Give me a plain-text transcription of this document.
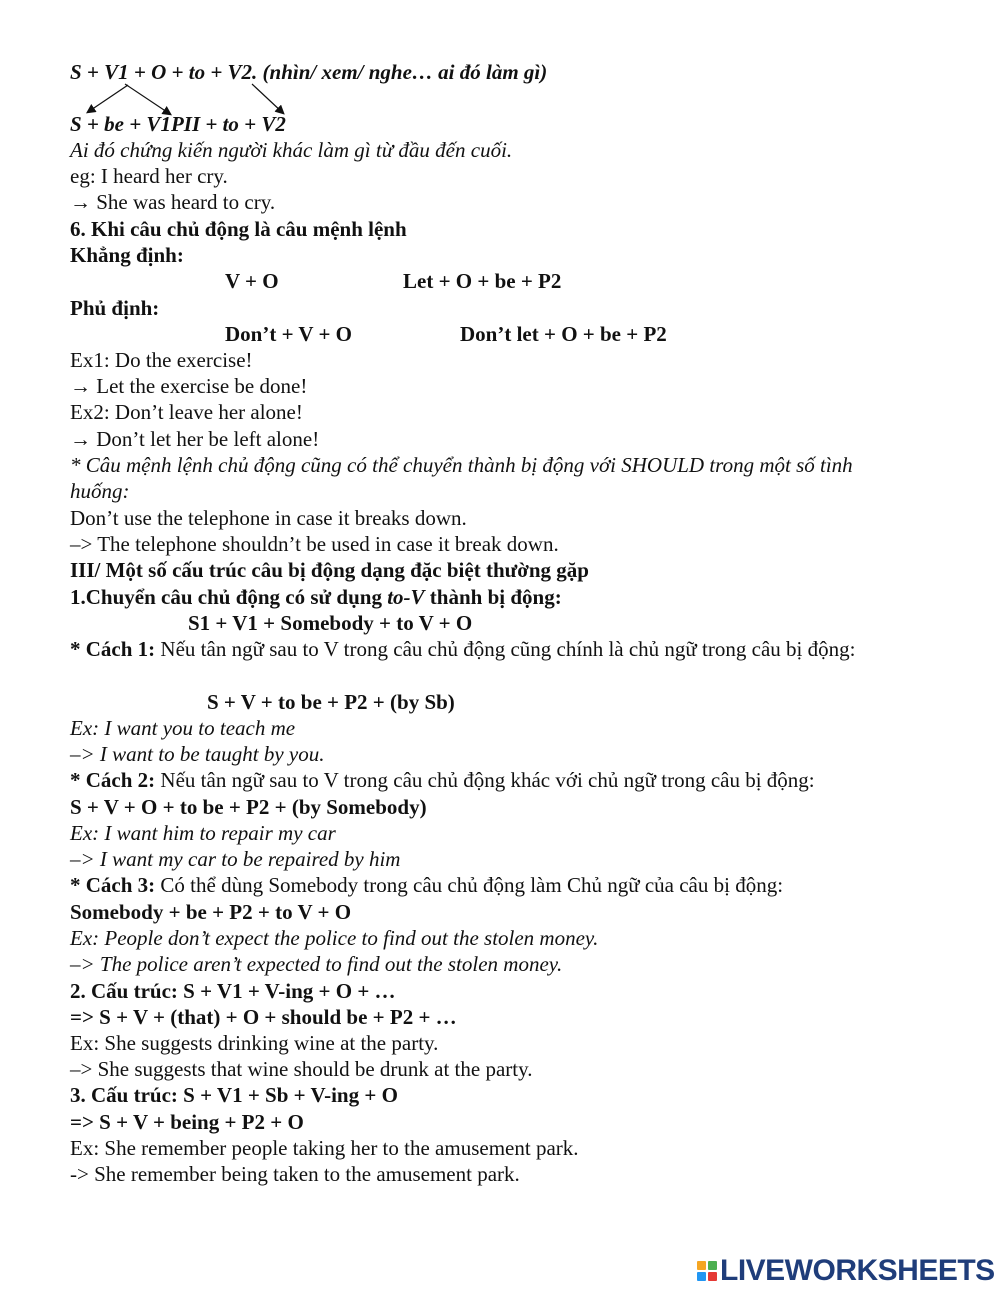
S + V1 + O + to + V2. (nhìn/ xem/ nghe… ai đó làm gì)
S + be + V1PII + to + V2
Ai đó chứng kiến người khác làm gì từ đầu đến cuối.
eg: I heard her cry.
→ She was heard to cry.
6. Khi câu chủ động là câu mệnh lệnh
Khẳng định:
V + O	Let + O + be + P2
Phủ định:
Don’t + V + O	Don’t let + O + be + P2
Ex1: Do the exercise!
→ Let the exercise be done!
Ex2: Don’t leave her alone!
→ Don’t let her be left alone!
* Câu mệnh lệnh chủ động cũng có thể chuyển thành bị động với SHOULD trong một số tình
huống:
Don’t use the telephone in case it breaks down.
–> The telephone shouldn’t be used in case it break down.
III/ Một số cấu trúc câu bị động dạng đặc biệt thường gặp
1.Chuyển câu chủ động có sử dụng to-V thành bị động:
S1 + V1 + Somebody + to V + O
* Cách 1: Nếu tân ngữ sau to V trong câu chủ động cũng chính là chủ ngữ trong câu bị động:
S + V + to be + P2 + (by Sb)
Ex: I want you to teach me
–> I want to be taught by you.
* Cách 2: Nếu tân ngữ sau to V trong câu chủ động khác với chủ ngữ trong câu bị động:
S + V + O + to be + P2 + (by Somebody)
Ex: I want him to repair my car
–> I want my car to be repaired by him
* Cách 3: Có thể dùng Somebody trong câu chủ động làm Chủ ngữ của câu bị động:
Somebody + be + P2 + to V + O
Ex: People don’t expect the police to find out the stolen money.
–> The police aren’t expected to find out the stolen money.
2. Cấu trúc: S + V1 + V-ing + O + …
=> S + V + (that) + O + should be + P2 + …
Ex: She suggests drinking wine at the party.
–> She suggests that wine should be drunk at the party.
3. Cấu trúc: S + V1 + Sb + V-ing + O
=> S + V + being + P2 + O
Ex: She remember people taking her to the amusement park.
-> She remember being taken to the amusement park.
LIVEWORKSHEETS
